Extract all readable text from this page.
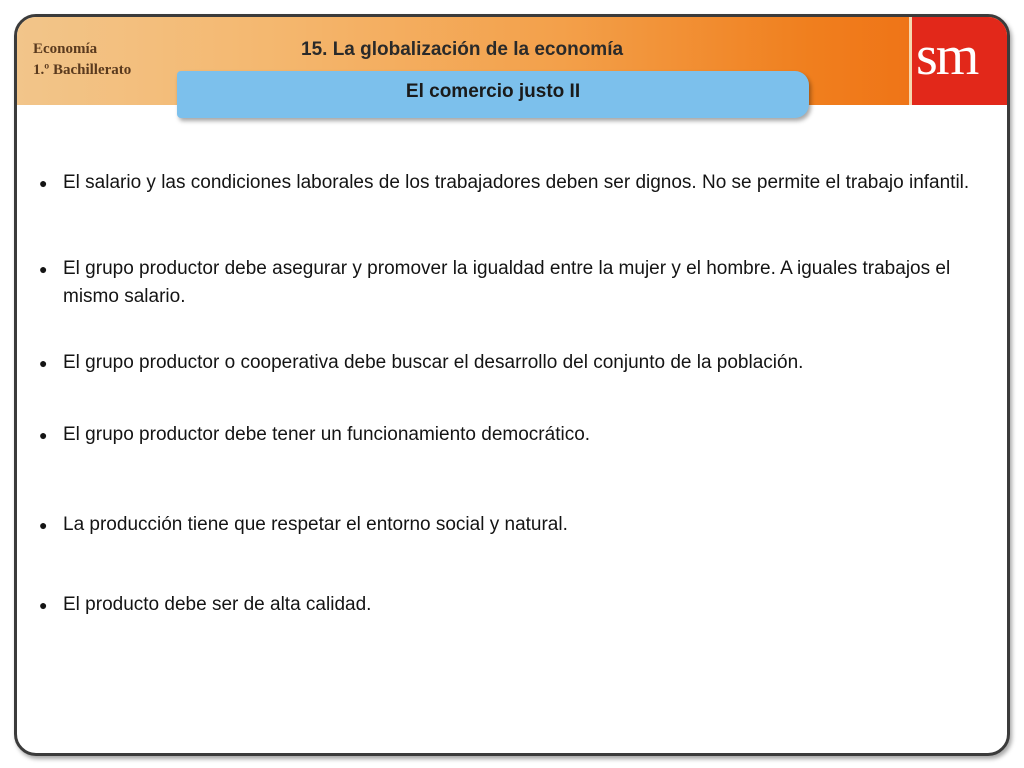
Economía
1.º Bachillerato
15. La globalización de la economía	sm
El comercio justo II
● El salario y las condiciones laborales de los trabajadores deben ser dignos. No se permite el trabajo infantil.
● El grupo productor debe asegurar y promover la igualdad entre la mujer y el hombre. A iguales trabajos el mismo salario.
● El grupo productor o cooperativa debe buscar el desarrollo del conjunto de la población.
● El grupo productor debe tener un funcionamiento democrático.
● La producción tiene que respetar el entorno social y natural.
● El producto debe ser de alta calidad.
